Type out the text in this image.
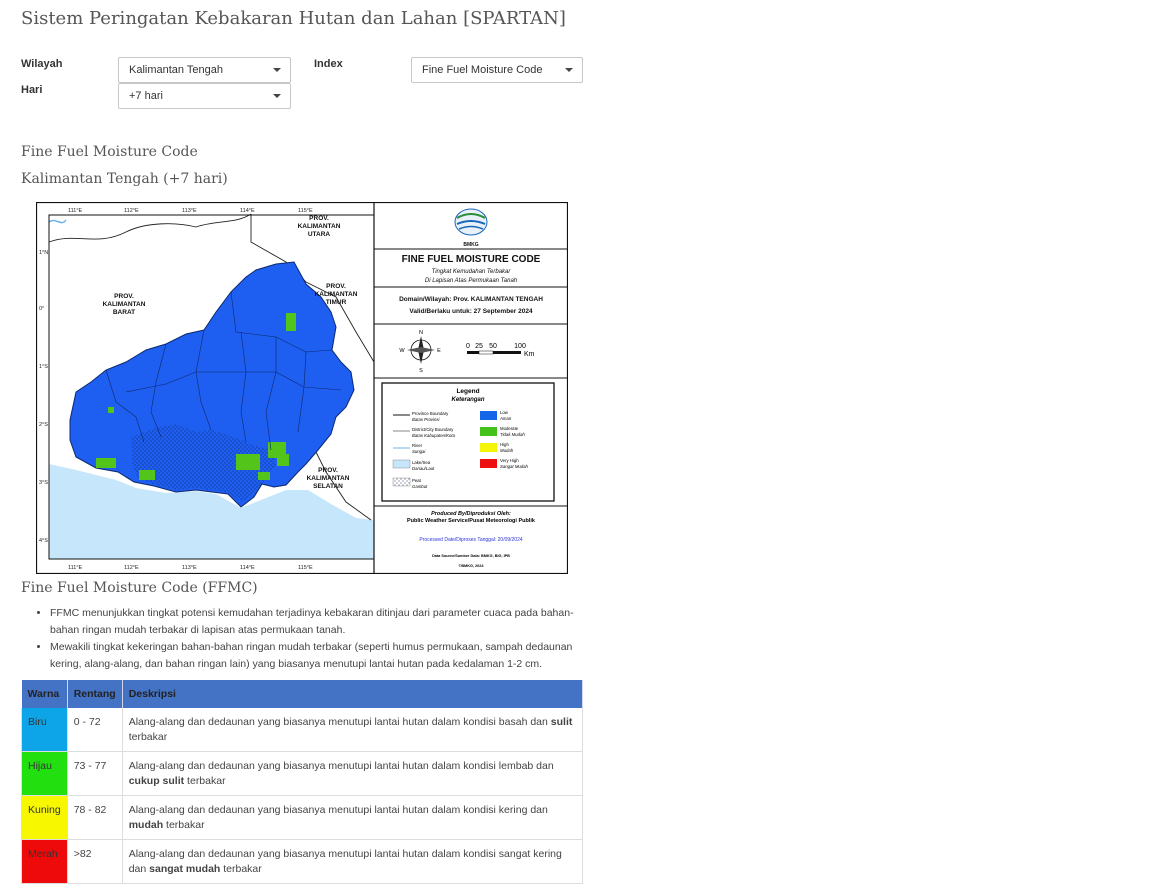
Sistem Peringatan Kebakaran Hutan dan Lahan [SPARTAN]
Wilayah	Kalimantan Tengah
Hari	+7 hari
Index	Fine Fuel Moisture Code
Fine Fuel Moisture Code
Kalimantan Tengah (+7 hari)
111°E	112°E	113°E	114°E	115°E
111°E	112°E	113°E	114°E	115°E
1°N
0°
1°S
2°S
3°S
4°S
PROV.
KALIMANTAN
BARAT
PROV.
KALIMANTAN
UTARA
PROV.
KALIMANTAN
TIMUR
PROV.
KALIMANTAN
SELATAN
BMKG
FINE FUEL MOISTURE CODE
Tingkat Kemudahan Terbakar
Di Lapisan Atas Permukaan Tanah
Domain/Wilayah: Prov. KALIMANTAN TENGAH
Valid/Berlaku untuk: 27 September 2024
N
E
S
W
0 25 50 100
Km
Legend
Keterangan
Province Boundary
Batas Provinsi
District/City Boundary
Batas Kabupaten/Kota
River
Sungai
Lake/Sea
Danau/Laut
Peat
Gambut
Low
Aman
Moderate
Tidak Mudah
High
Mudah
Very High
Sangat Mudah
Produced By/Diproduksi Oleh:
Public Weather Service/Pusat Meteorologi Publik
Processed Date/Diproses Tanggal: 20/09/2024
Data Source/Sumber Data: BMKG, BIG, IPB
©BMKG, 2024
Fine Fuel Moisture Code (FFMC)
• FFMC menunjukkan tingkat potensi kemudahan terjadinya kebakaran ditinjau dari parameter cuaca pada bahan-bahan ringan mudah terbakar di lapisan atas permukaan tanah.
• Mewakili tingkat kekeringan bahan-bahan ringan mudah terbakar (seperti humus permukaan, sampah dedaunan kering, alang-alang, dan bahan ringan lain) yang biasanya menutupi lantai hutan pada kedalaman 1-2 cm.
Warna	Rentang	Deskripsi
Biru	0 - 72	Alang-alang dan dedaunan yang biasanya menutupi lantai hutan dalam kondisi basah dan sulit terbakar
Hijau	73 - 77	Alang-alang dan dedaunan yang biasanya menutupi lantai hutan dalam kondisi lembab dan cukup sulit terbakar
Kuning	78 - 82	Alang-alang dan dedaunan yang biasanya menutupi lantai hutan dalam kondisi kering dan mudah terbakar
Merah	>82	Alang-alang dan dedaunan yang biasanya menutupi lantai hutan dalam kondisi sangat kering dan sangat mudah terbakar
